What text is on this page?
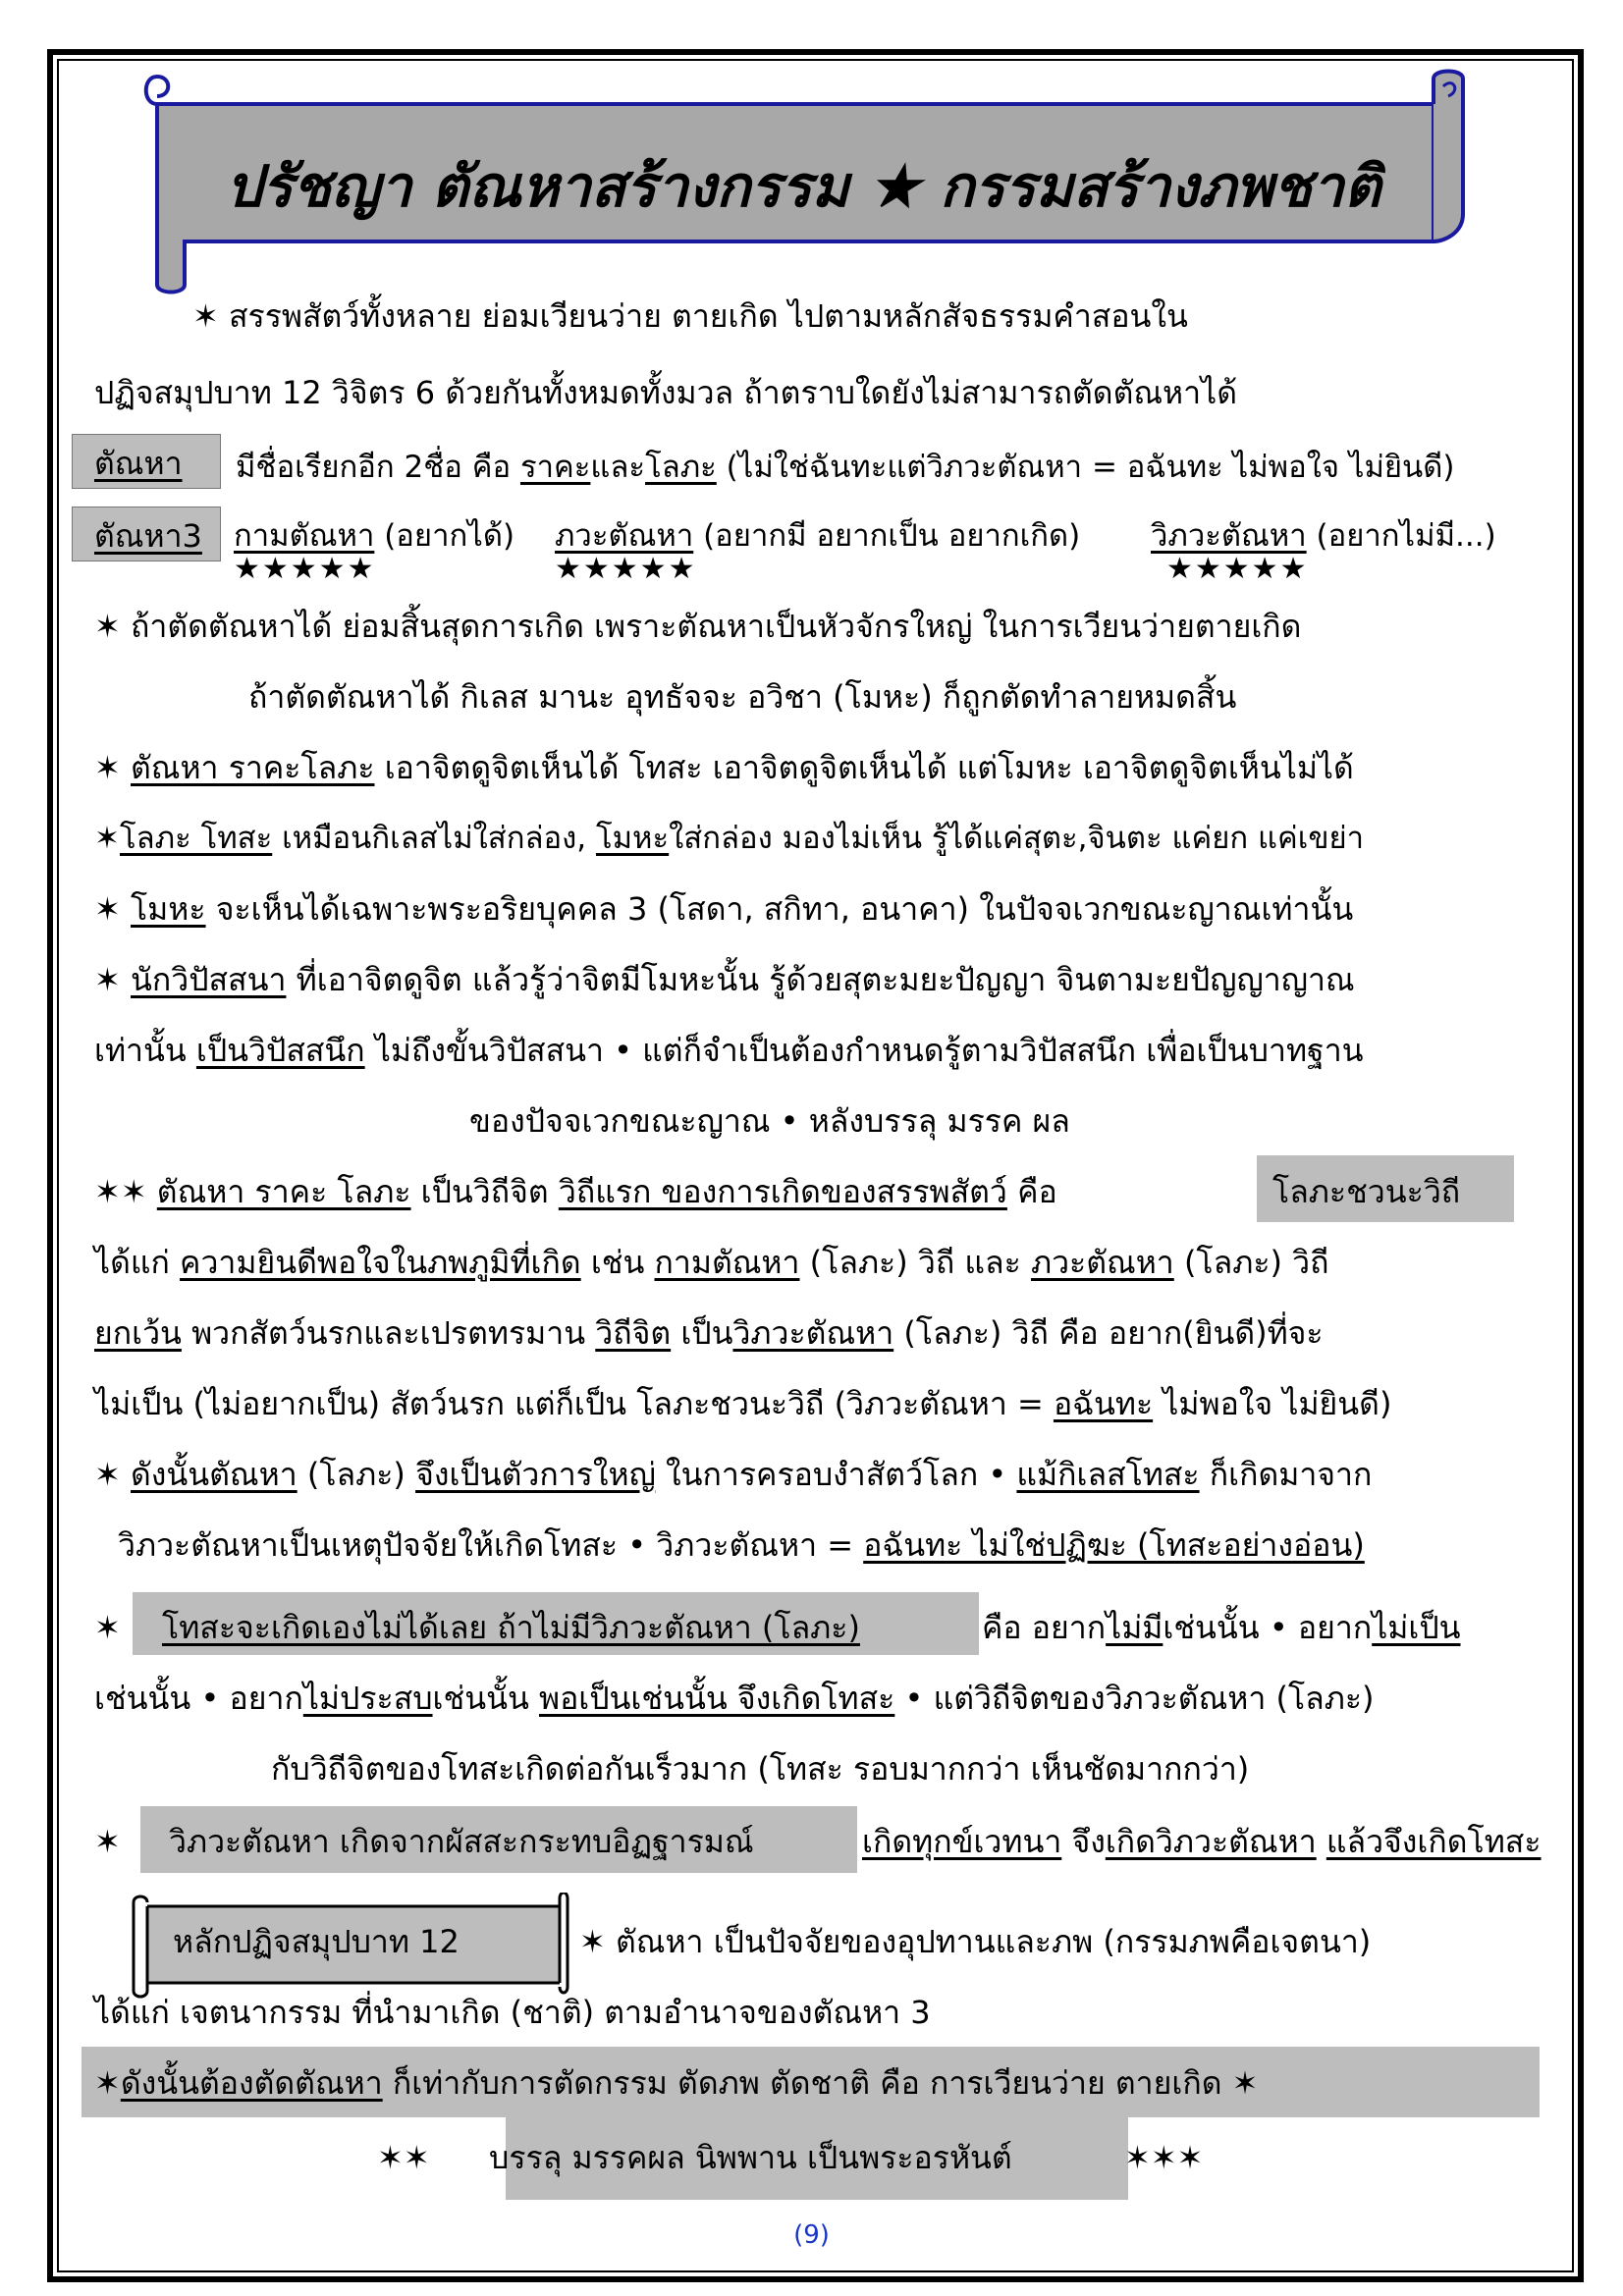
ปรัชญา ตัณหาสร้างกรรม ★ กรรมสร้างภพชาติ
✶ สรรพสัตว์ทั้งหลาย ย่อมเวียนว่าย ตายเกิด ไปตามหลักสัจธรรมคำสอนใน
ปฏิจสมุปบาท 12 วิจิตร 6 ด้วยกันทั้งหมดทั้งมวล ถ้าตราบใดยังไม่สามารถตัดตัณหาได้
ตัณหา มีชื่อเรียกอีก 2ชื่อ คือ ราคะและโลภะ (ไม่ใช่ฉันทะแต่วิภวะตัณหา = อฉันทะ ไม่พอใจ ไม่ยินดี)
ตัณหา3 กามตัณหา (อยากได้) ภวะตัณหา (อยากมี อยากเป็น อยากเกิด) วิภวะตัณหา (อยากไม่มี...)
★★★★★	★★★★★	★★★★★
✶ ถ้าตัดตัณหาได้ ย่อมสิ้นสุดการเกิด เพราะตัณหาเป็นหัวจักรใหญ่ ในการเวียนว่ายตายเกิด
ถ้าตัดตัณหาได้ กิเลส มานะ อุทธัจจะ อวิชา (โมหะ) ก็ถูกตัดทำลายหมดสิ้น
✶ ตัณหา ราคะโลภะ เอาจิตดูจิตเห็นได้ โทสะ เอาจิตดูจิตเห็นได้ แต่โมหะ เอาจิตดูจิตเห็นไม่ได้
✶โลภะ โทสะ เหมือนกิเลสไม่ใส่กล่อง, โมหะใส่กล่อง มองไม่เห็น รู้ได้แค่สุตะ,จินตะ แค่ยก แค่เขย่า
✶ โมหะ จะเห็นได้เฉพาะพระอริยบุคคล 3 (โสดา, สกิทา, อนาคา) ในปัจจเวกขณะญาณเท่านั้น
✶ นักวิปัสสนา ที่เอาจิตดูจิต แล้วรู้ว่าจิตมีโมหะนั้น รู้ด้วยสุตะมยะปัญญา จินตามะยปัญญาญาณ
เท่านั้น เป็นวิปัสสนึก ไม่ถึงขั้นวิปัสสนา • แต่ก็จำเป็นต้องกำหนดรู้ตามวิปัสสนึก เพื่อเป็นบาทฐาน
ของปัจจเวกขณะญาณ • หลังบรรลุ มรรค ผล
✶✶ ตัณหา ราคะ โลภะ เป็นวิถีจิต วิถีแรก ของการเกิดของสรรพสัตว์ คือ	โลภะชวนะวิถี
ได้แก่ ความยินดีพอใจในภพภูมิที่เกิด เช่น กามตัณหา (โลภะ) วิถี และ ภวะตัณหา (โลภะ) วิถี
ยกเว้น พวกสัตว์นรกและเปรตทรมาน วิถีจิต เป็นวิภวะตัณหา (โลภะ) วิถี คือ อยาก(ยินดี)ที่จะ
ไม่เป็น (ไม่อยากเป็น) สัตว์นรก แต่ก็เป็น โลภะชวนะวิถี (วิภวะตัณหา = อฉันทะ ไม่พอใจ ไม่ยินดี)
✶ ดังนั้นตัณหา (โลภะ) จึงเป็นตัวการใหญ่ ในการครอบงำสัตว์โลก • แม้กิเลสโทสะ ก็เกิดมาจาก
วิภวะตัณหาเป็นเหตุปัจจัยให้เกิดโทสะ • วิภวะตัณหา = อฉันทะ ไม่ใช่ปฏิฆะ (โทสะอย่างอ่อน)
✶ โทสะจะเกิดเองไม่ได้เลย ถ้าไม่มีวิภวะตัณหา (โลภะ)	คือ อยากไม่มีเช่นนั้น • อยากไม่เป็น
เช่นนั้น • อยากไม่ประสบเช่นนั้น พอเป็นเช่นนั้น จึงเกิดโทสะ • แต่วิถีจิตของวิภวะตัณหา (โลภะ)
กับวิถีจิตของโทสะเกิดต่อกันเร็วมาก (โทสะ รอบมากกว่า เห็นชัดมากกว่า)
✶ วิภวะตัณหา เกิดจากผัสสะกระทบอิฏฐารมณ์	เกิดทุกข์เวทนา จึงเกิดวิภวะตัณหา แล้วจึงเกิดโทสะ
หลักปฏิจสมุปบาท 12	✶ ตัณหา เป็นปัจจัยของอุปทานและภพ (กรรมภพคือเจตนา)
ได้แก่ เจตนากรรม ที่นำมาเกิด (ชาติ) ตามอำนาจของตัณหา 3
✶ดังนั้นต้องตัดตัณหา ก็เท่ากับการตัดกรรม ตัดภพ ตัดชาติ คือ การเวียนว่าย ตายเกิด ✶
✶✶ บรรลุ มรรคผล นิพพาน เป็นพระอรหันต์	✶✶✶
(9)
